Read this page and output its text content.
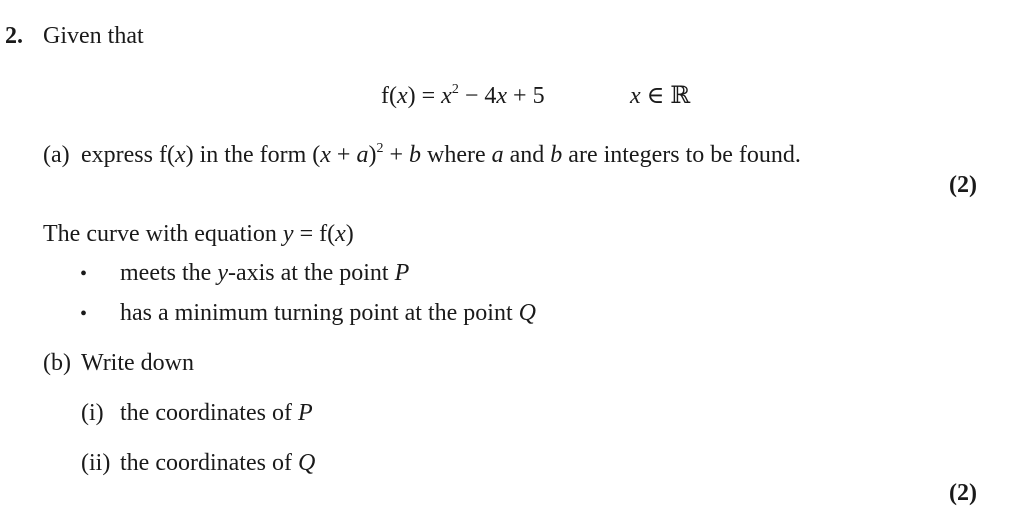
2. Given that
$f(x) = x^2 - 4x + 5$	x ∈ ℝ
(a) express f(x) in the form $(x + a)^2 + b$ where a and b are integers to be found.
(2)
The curve with equation y = f(x)
• meets the y-axis at the point P
• has a minimum turning point at the point Q
(b) Write down
(i) the coordinates of P
(ii) the coordinates of Q
(2)
